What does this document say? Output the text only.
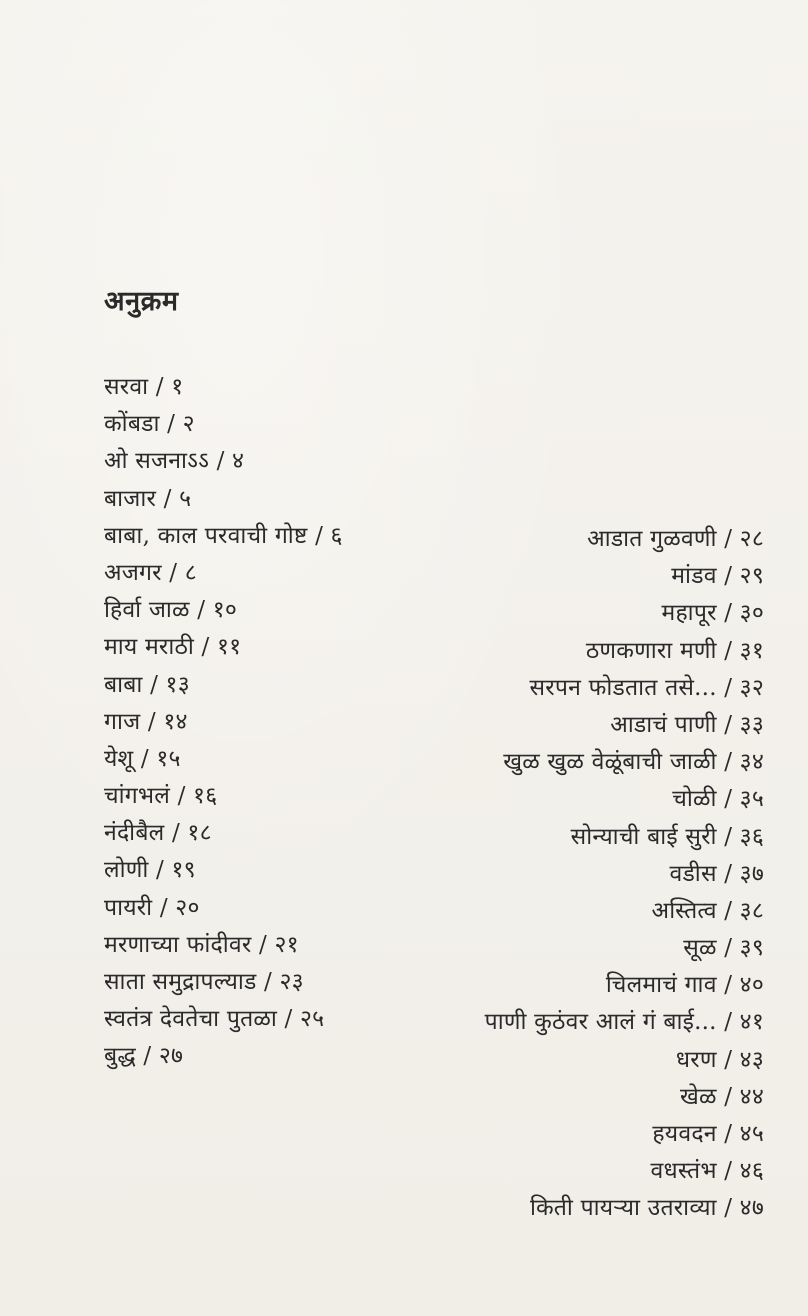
अनुक्रम
सरवा / १
कोंबडा / २
ओ सजनाऽऽ / ४
बाजार / ५
बाबा, काल परवाची गोष्ट / ६
अजगर / ८
हिर्वा जाळ / १०
माय मराठी / ११
बाबा / १३
गाज / १४
येशू / १५
चांगभलं / १६
नंदीबैल / १८
लोणी / १९
पायरी / २०
मरणाच्या फांदीवर / २१
साता समुद्रापल्याड / २३
स्वतंत्र देवतेचा पुतळा / २५
बुद्ध / २७
आडात गुळवणी / २८
मांडव / २९
महापूर / ३०
ठणकणारा मणी / ३१
सरपन फोडतात तसे... / ३२
आडाचं पाणी / ३३
खुळ खुळ वेळूंबाची जाळी / ३४
चोळी / ३५
सोन्याची बाई सुरी / ३६
वडीस / ३७
अस्तित्व / ३८
सूळ / ३९
चिलमाचं गाव / ४०
पाणी कुठंवर आलं गं बाई... / ४१
धरण / ४३
खेळ / ४४
हयवदन / ४५
वधस्तंभ / ४६
किती पायऱ्या उतराव्या / ४७
